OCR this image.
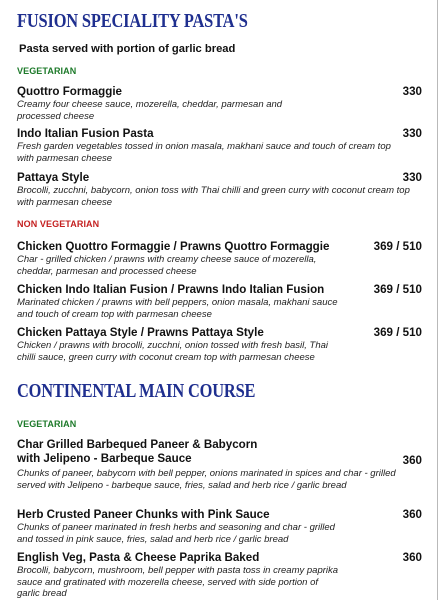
FUSION SPECIALITY PASTA'S
Pasta served with portion of garlic bread
VEGETARIAN
Quottro Formaggie	330
Creamy four cheese sauce, mozerella, cheddar, parmesan and processed cheese
Indo Italian Fusion Pasta	330
Fresh garden vegetables tossed in onion masala, makhani sauce and touch of cream top with parmesan cheese
Pattaya Style	330
Brocolli, zucchni, babycorn, onion toss with Thai chilli and green curry with coconut cream top with parmesan cheese
NON VEGETARIAN
Chicken Quottro Formaggie / Prawns Quottro Formaggie	369 / 510
Char - grilled chicken / prawns with creamy cheese sauce of mozerella, cheddar, parmesan and processed cheese
Chicken Indo Italian Fusion / Prawns Indo Italian Fusion	369 / 510
Marinated chicken / prawns with bell peppers, onion masala, makhani sauce and touch of cream top with parmesan cheese
Chicken Pattaya Style / Prawns Pattaya Style	369 / 510
Chicken / prawns with brocolli, zucchni, onion tossed with fresh basil, Thai chilli sauce, green curry with coconut cream top with parmesan cheese
CONTINENTAL MAIN COURSE
VEGETARIAN
Char Grilled Barbequed Paneer & Babycorn with Jelipeno - Barbeque Sauce	360
Chunks of paneer, babycorn with bell pepper, onions marinated in spices and char - grilled served with Jelipeno - barbeque sauce, fries, salad and herb rice / garlic bread
Herb Crusted Paneer Chunks with Pink Sauce	360
Chunks of paneer marinated in fresh herbs and seasoning and char - grilled and tossed in pink sauce, fries, salad and herb rice / garlic bread
English Veg, Pasta & Cheese Paprika Baked	360
Brocolli, babycorn, mushroom, bell pepper with pasta toss in creamy paprika sauce and gratinated with mozerella cheese, served with side portion of garlic bread
